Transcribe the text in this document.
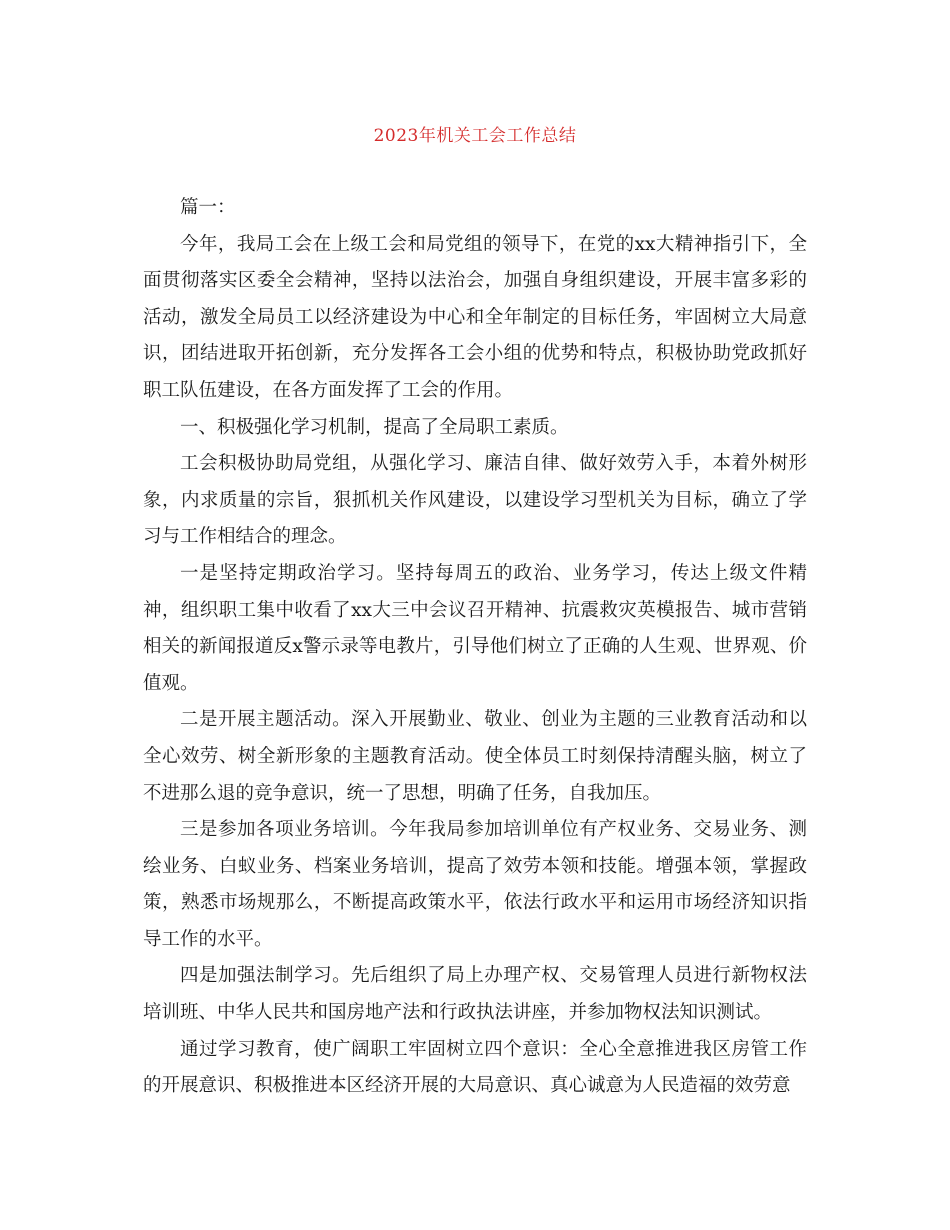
2023年机关工会工作总结

篇一：

今年，我局工会在上级工会和局党组的领导下，在党的xx大精神指引下，全面贯彻落实区委全会精神，坚持以法治会，加强自身组织建设，开展丰富多彩的活动，激发全局员工以经济建设为中心和全年制定的目标任务，牢固树立大局意识，团结进取开拓创新，充分发挥各工会小组的优势和特点，积极协助党政抓好职工队伍建设，在各方面发挥了工会的作用。

一、积极强化学习机制，提高了全局职工素质。

工会积极协助局党组，从强化学习、廉洁自律、做好效劳入手，本着外树形象，内求质量的宗旨，狠抓机关作风建设，以建设学习型机关为目标，确立了学习与工作相结合的理念。

一是坚持定期政治学习。坚持每周五的政治、业务学习，传达上级文件精神，组织职工集中收看了xx大三中会议召开精神、抗震救灾英模报告、城市营销相关的新闻报道反x警示录等电教片，引导他们树立了正确的人生观、世界观、价值观。

二是开展主题活动。深入开展勤业、敬业、创业为主题的三业教育活动和以全心效劳、树全新形象的主题教育活动。使全体员工时刻保持清醒头脑，树立了不进那么退的竞争意识，统一了思想，明确了任务，自我加压。

三是参加各项业务培训。今年我局参加培训单位有产权业务、交易业务、测绘业务、白蚁业务、档案业务培训，提高了效劳本领和技能。增强本领，掌握政策，熟悉市场规那么，不断提高政策水平，依法行政水平和运用市场经济知识指导工作的水平。

四是加强法制学习。先后组织了局上办理产权、交易管理人员进行新物权法培训班、中华人民共和国房地产法和行政执法讲座，并参加物权法知识测试。

通过学习教育，使广阔职工牢固树立四个意识：全心全意推进我区房管工作的开展意识、积极推进本区经济开展的大局意识、真心诚意为人民造福的效劳意
